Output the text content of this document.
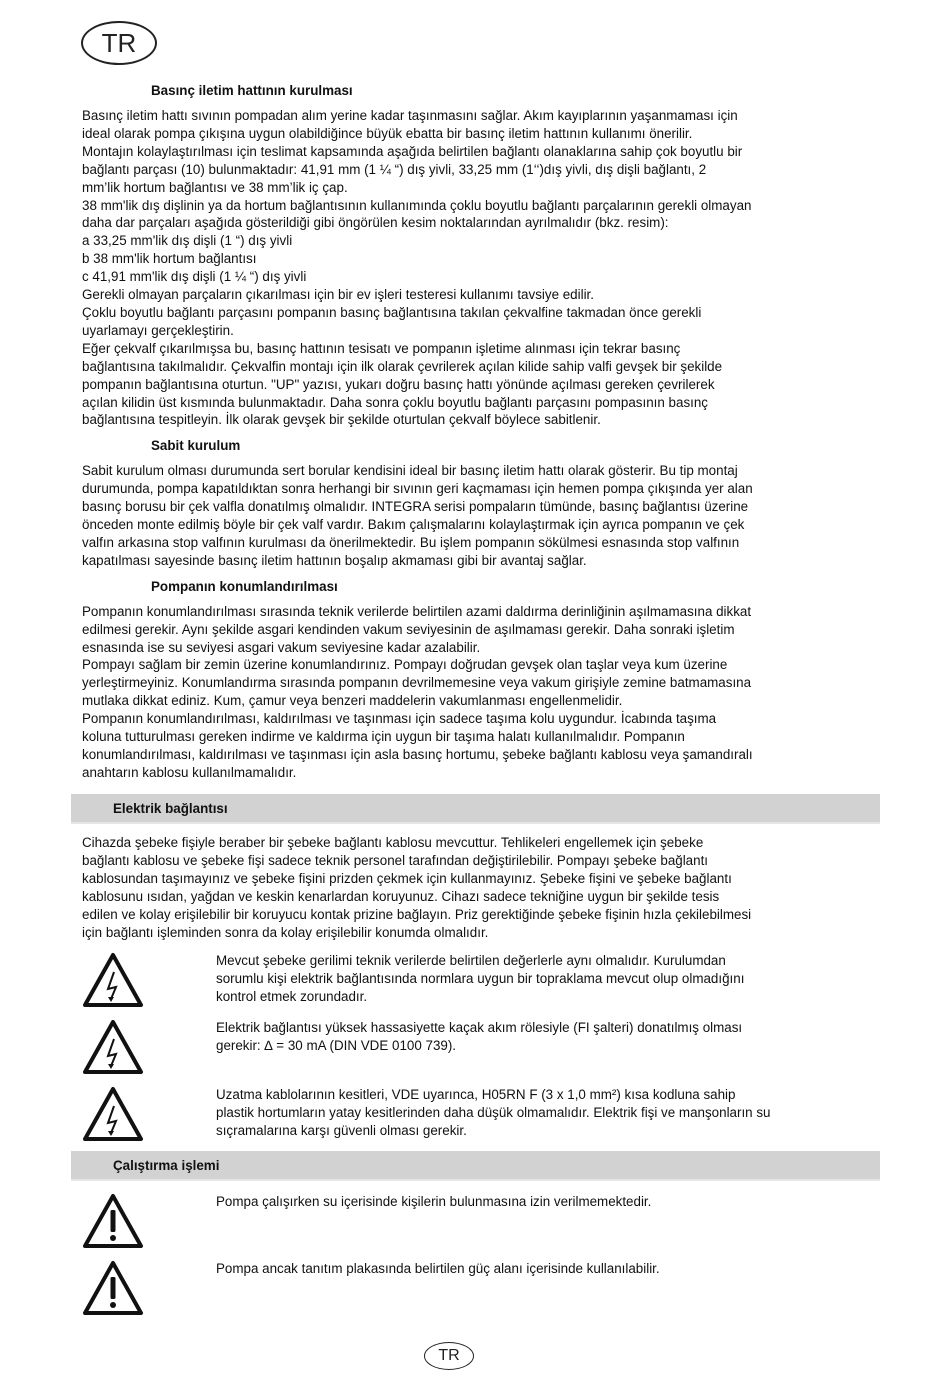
TR
Basınç iletim hattının kurulması

Basınç iletim hattı sıvının pompadan alım yerine kadar taşınmasını sağlar. Akım kayıplarının yaşanmaması için
ideal olarak pompa çıkışına uygun olabildiğince büyük ebatta bir basınç iletim hattının kullanımı önerilir.
Montajın kolaylaştırılması için teslimat kapsamında aşağıda belirtilen bağlantı olanaklarına sahip çok boyutlu bir
bağlantı parçası (10) bulunmaktadır: 41,91 mm (1 ¼ “) dış yivli, 33,25 mm (1‘‘)dış yivli, dış dişli bağlantı, 2
mm’lik hortum bağlantısı ve 38 mm’lik iç çap.
38 mm'lik dış dişlinin ya da hortum bağlantısının kullanımında çoklu boyutlu bağlantı parçalarının gerekli olmayan
daha dar parçaları aşağıda gösterildiği gibi öngörülen kesim noktalarından ayrılmalıdır (bkz. resim):
a 33,25 mm'lik dış dişli (1 “) dış yivli
b 38 mm'lik hortum bağlantısı
c 41,91 mm'lik dış dişli (1 ¼ “) dış yivli
Gerekli olmayan parçaların çıkarılması için bir ev işleri testeresi kullanımı tavsiye edilir.
Çoklu boyutlu bağlantı parçasını pompanın basınç bağlantısına takılan çekvalfine takmadan önce gerekli
uyarlamayı gerçekleştirin.
Eğer çekvalf çıkarılmışsa bu, basınç hattının tesisatı ve pompanın işletime alınması için tekrar basınç
bağlantısına takılmalıdır. Çekvalfin montajı için ilk olarak çevrilerek açılan kilide sahip valfi gevşek bir şekilde
pompanın bağlantısına oturtun. "UP" yazısı, yukarı doğru basınç hattı yönünde açılması gereken çevrilerek
açılan kilidin üst kısmında bulunmaktadır. Daha sonra çoklu boyutlu bağlantı parçasını pompasının basınç
bağlantısına tespitleyin. İlk olarak gevşek bir şekilde oturtulan çekvalf böylece sabitlenir.

Sabit kurulum

Sabit kurulum olması durumunda sert borular kendisini ideal bir basınç iletim hattı olarak gösterir. Bu tip montaj
durumunda, pompa kapatıldıktan sonra herhangi bir sıvının geri kaçmaması için hemen pompa çıkışında yer alan
basınç borusu bir çek valfla donatılmış olmalıdır. INTEGRA serisi pompaların tümünde, basınç bağlantısı üzerine
önceden monte edilmiş böyle bir çek valf vardır. Bakım çalışmalarını kolaylaştırmak için ayrıca pompanın ve çek
valfın arkasına stop valfının kurulması da önerilmektedir. Bu işlem pompanın sökülmesi esnasında stop valfının
kapatılması sayesinde basınç iletim hattının boşalıp akmaması gibi bir avantaj sağlar.

Pompanın konumlandırılması

Pompanın konumlandırılması sırasında teknik verilerde belirtilen azami daldırma derinliğinin aşılmamasına dikkat
edilmesi gerekir. Aynı şekilde asgari kendinden vakum seviyesinin de aşılmaması gerekir. Daha sonraki işletim
esnasında ise su seviyesi asgari vakum seviyesine kadar azalabilir.
Pompayı sağlam bir zemin üzerine konumlandırınız. Pompayı doğrudan gevşek olan taşlar veya kum üzerine
yerleştirmeyiniz. Konumlandırma sırasında pompanın devrilmemesine veya vakum girişiyle zemine batmamasına
mutlaka dikkat ediniz. Kum, çamur veya benzeri maddelerin vakumlanması engellenmelidir.
Pompanın konumlandırılması, kaldırılması ve taşınması için sadece taşıma kolu uygundur. İcabında taşıma
koluna tutturulması gereken indirme ve kaldırma için uygun bir taşıma halatı kullanılmalıdır. Pompanın
konumlandırılması, kaldırılması ve taşınması için asla basınç hortumu, şebeke bağlantı kablosu veya şamandıralı
anahtarın kablosu kullanılmamalıdır.

Elektrik bağlantısı

Cihazda şebeke fişiyle beraber bir şebeke bağlantı kablosu mevcuttur. Tehlikeleri engellemek için şebeke
bağlantı kablosu ve şebeke fişi sadece teknik personel tarafından değiştirilebilir. Pompayı şebeke bağlantı
kablosundan taşımayınız ve şebeke fişini prizden çekmek için kullanmayınız. Şebeke fişini ve şebeke bağlantı
kablosunu ısıdan, yağdan ve keskin kenarlardan koruyunuz. Cihazı sadece tekniğine uygun bir şekilde tesis
edilen ve kolay erişilebilir bir koruyucu kontak prizine bağlayın. Priz gerektiğinde şebeke fişinin hızla çekilebilmesi
için bağlantı işleminden sonra da kolay erişilebilir konumda olmalıdır.

Mevcut şebeke gerilimi teknik verilerde belirtilen değerlerle aynı olmalıdır. Kurulumdan
sorumlu kişi elektrik bağlantısında normlara uygun bir topraklama mevcut olup olmadığını
kontrol etmek zorundadır.
Elektrik bağlantısı yüksek hassasiyette kaçak akım rölesiyle (FI şalteri) donatılmış olması
gerekir: ∆ = 30 mA (DIN VDE 0100 739).
Uzatma kablolarının kesitleri, VDE uyarınca, H05RN F (3 x 1,0 mm²) kısa kodluna sahip
plastik hortumların yatay kesitlerinden daha düşük olmamalıdır. Elektrik fişi ve manşonların su
sıçramalarına karşı güvenli olması gerekir.
Çalıştırma işlemi
Pompa çalışırken su içerisinde kişilerin bulunmasına izin verilmemektedir.
Pompa ancak tanıtım plakasında belirtilen güç alanı içerisinde kullanılabilir.
TR
